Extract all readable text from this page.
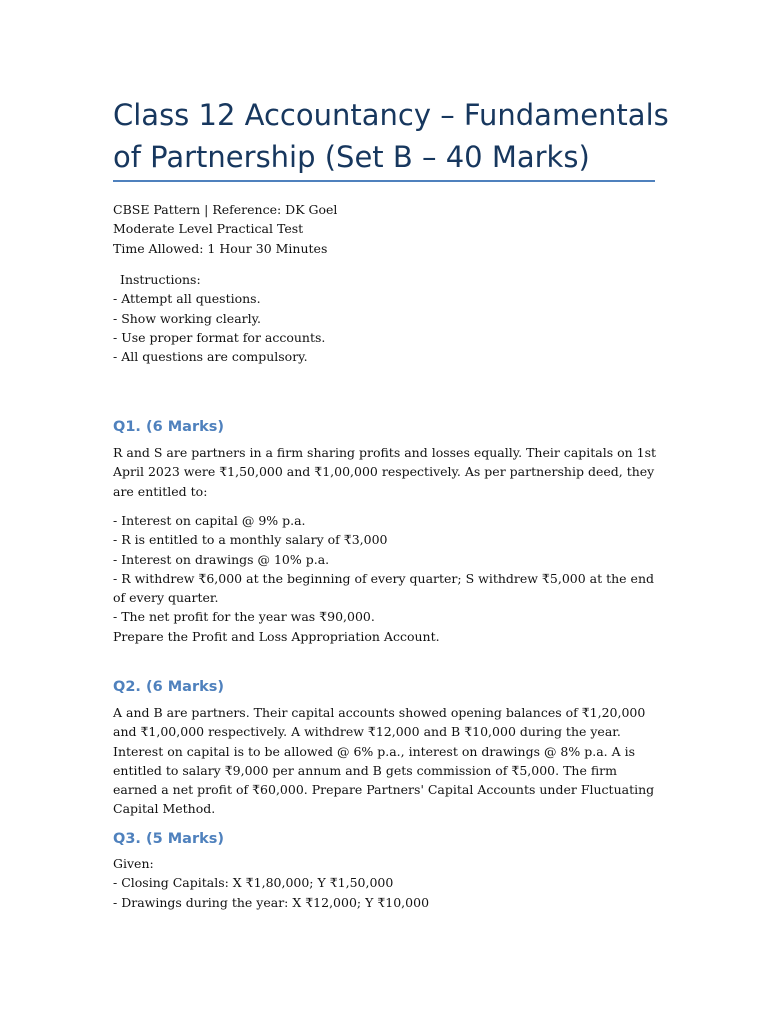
Class 12 Accountancy – Fundamentals of Partnership (Set B – 40 Marks)
CBSE Pattern | Reference: DK Goel
Moderate Level Practical Test
Time Allowed: 1 Hour 30 Minutes
Instructions:
- Attempt all questions.
- Show working clearly.
- Use proper format for accounts.
- All questions are compulsory.
Q1. (6 Marks)
R and S are partners in a firm sharing profits and losses equally. Their capitals on 1st April 2023 were ₹1,50,000 and ₹1,00,000 respectively. As per partnership deed, they are entitled to:
- Interest on capital @ 9% p.a.
- R is entitled to a monthly salary of ₹3,000
- Interest on drawings @ 10% p.a.
- R withdrew ₹6,000 at the beginning of every quarter; S withdrew ₹5,000 at the end of every quarter.
- The net profit for the year was ₹90,000.
Prepare the Profit and Loss Appropriation Account.
Q2. (6 Marks)
A and B are partners. Their capital accounts showed opening balances of ₹1,20,000 and ₹1,00,000 respectively. A withdrew ₹12,000 and B ₹10,000 during the year. Interest on capital is to be allowed @ 6% p.a., interest on drawings @ 8% p.a. A is entitled to salary ₹9,000 per annum and B gets commission of ₹5,000. The firm earned a net profit of ₹60,000. Prepare Partners' Capital Accounts under Fluctuating Capital Method.
Q3. (5 Marks)
Given:
- Closing Capitals: X ₹1,80,000; Y ₹1,50,000
- Drawings during the year: X ₹12,000; Y ₹10,000
